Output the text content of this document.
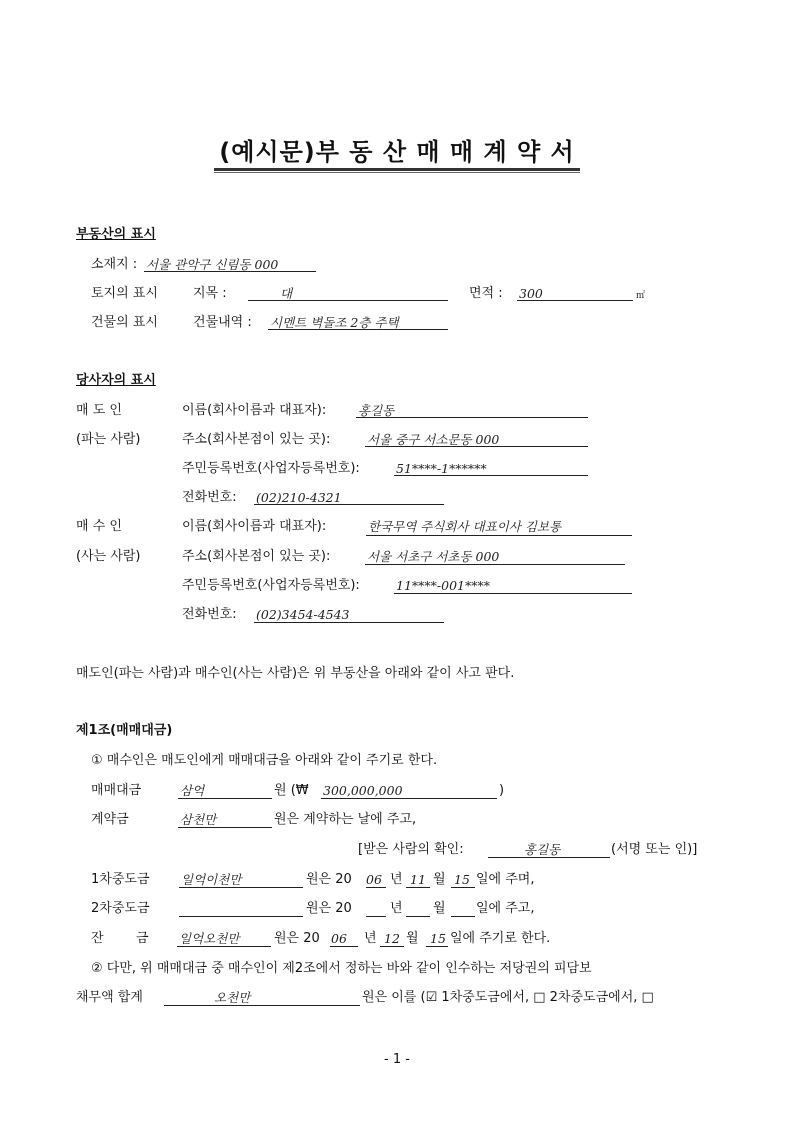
(예시문)부 동 산 매 매 계 약 서
부동산의 표시
소재지 : 서울 관악구 신림동 000
토지의 표시	지목 :	대	면적 : 300	㎡
건물의 표시	건물내역 : 시멘트 벽돌조 2층 주택
당사자의 표시
매 도 인	이름(회사이름과 대표자):	홍길동
(파는 사람)	주소(회사본점이 있는 곳):	서울 중구 서소문동 000
주민등록번호(사업자등록번호):	51****-1******
전화번호: (02)210-4321
매 수 인	이름(회사이름과 대표자):	한국무역 주식회사 대표이사 김보통
(사는 사람)	주소(회사본점이 있는 곳):	서울 서초구 서초동 000
주민등록번호(사업자등록번호):	11****-001****
전화번호: (02)3454-4543
매도인(파는 사람)과 매수인(사는 사람)은 위 부동산을 아래와 같이 사고 판다.
제1조(매매대금)
① 매수인은 매도인에게 매매대금을 아래와 같이 주기로 한다.
매매대금	삼억	원 (₩ 300,000,000	)
계약금	삼천만	원은 계약하는 날에 주고,
[받은 사람의 확인:	홍길동	(서명 또는 인)]
1차중도금	일억이천만	원은 20 06 년 11 월 15 일에 주며,
2차중도금	원은 20	년 월 일에 주고,
잔 금 일억오천만	원은 20 06 년 12 월 15 일에 주기로 한다.
② 다만, 위 매매대금 중 매수인이 제2조에서 정하는 바와 같이 인수하는 저당권의 피담보
채무액 합계	오천만	원은 이를 (☑ 1차중도금에서, □ 2차중도금에서, □
- 1 -
